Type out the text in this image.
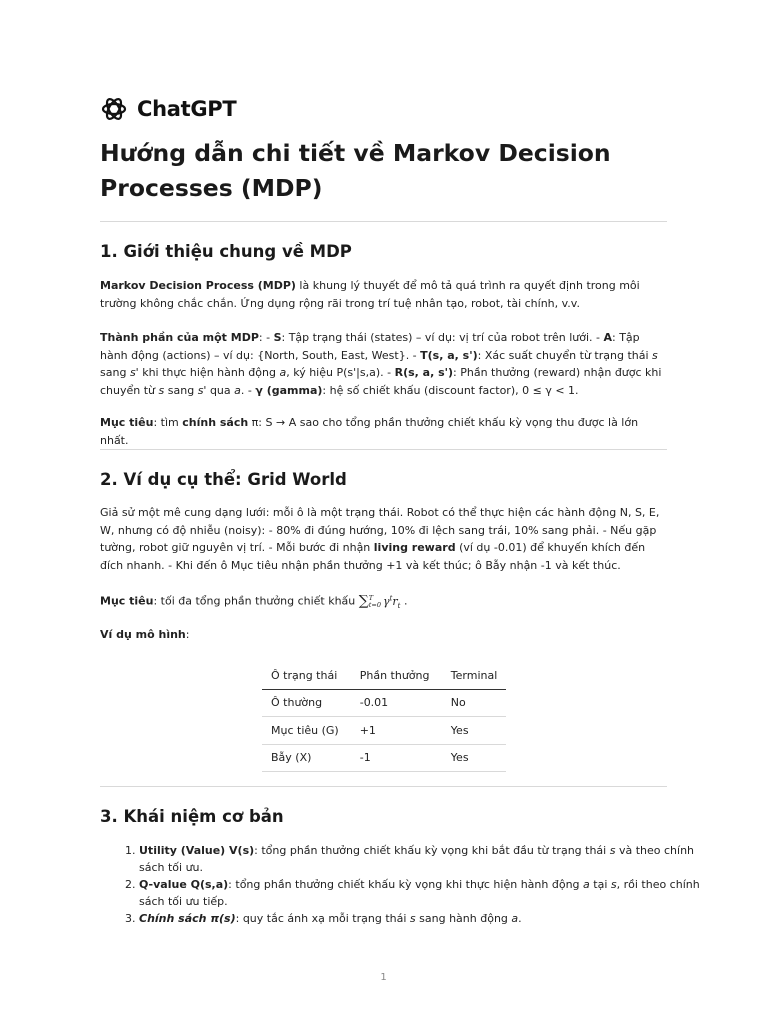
ChatGPT
Hướng dẫn chi tiết về Markov Decision Processes (MDP)
1. Giới thiệu chung về MDP

Markov Decision Process (MDP) là khung lý thuyết để mô tả quá trình ra quyết định trong môi trường không chắc chắn. Ứng dụng rộng rãi trong trí tuệ nhân tạo, robot, tài chính, v.v.

Thành phần của một MDP: - S: Tập trạng thái (states) – ví dụ: vị trí của robot trên lưới. - A: Tập hành động (actions) – ví dụ: {North, South, East, West}. - T(s, a, s'): Xác suất chuyển từ trạng thái s sang s' khi thực hiện hành động a, ký hiệu P(s'|s,a). - R(s, a, s'): Phần thưởng (reward) nhận được khi chuyển từ s sang s' qua a. - γ (gamma): hệ số chiết khấu (discount factor), 0 ≤ γ < 1.

Mục tiêu: tìm chính sách π: S → A sao cho tổng phần thưởng chiết khấu kỳ vọng thu được là lớn nhất.

2. Ví dụ cụ thể: Grid World

Giả sử một mê cung dạng lưới: mỗi ô là một trạng thái. Robot có thể thực hiện các hành động N, S, E, W, nhưng có độ nhiễu (noisy): - 80% đi đúng hướng, 10% đi lệch sang trái, 10% sang phải. - Nếu gặp tường, robot giữ nguyên vị trí. - Mỗi bước đi nhận living reward (ví dụ -0.01) để khuyến khích đến đích nhanh. - Khi đến ô Mục tiêu nhận phần thưởng +1 và kết thúc; ô Bẫy nhận -1 và kết thúc.

Mục tiêu: tối đa tổng phần thưởng chiết khấu ∑ T
t=0 $\gamma^tr_t$ .

Ví dụ mô hình:

Ô trạng thái	Phần thưởng	Terminal
Ô thường	-0.01	No
Mục tiêu (G)	+1	Yes
Bẫy (X)	-1	Yes
3. Khái niệm cơ bản
1. Utility (Value) V(s): tổng phần thưởng chiết khấu kỳ vọng khi bắt đầu từ trạng thái s và theo chính sách tối ưu.
2. Q-value Q(s,a): tổng phần thưởng chiết khấu kỳ vọng khi thực hiện hành động a tại s, rồi theo chính sách tối ưu tiếp.
3. Chính sách π(s): quy tắc ánh xạ mỗi trạng thái s sang hành động a.
1
